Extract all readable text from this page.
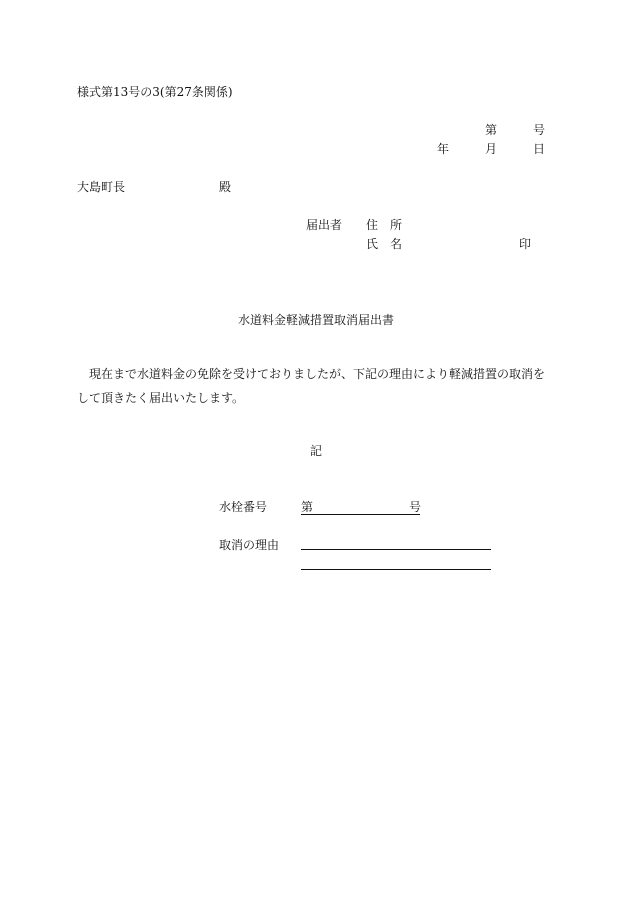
様式第13号の3(第27条関係)
第	号
年	月	日
大島町長	殿
届出者 住 所
氏 名	印
水道料金軽減措置取消届出書
現在まで水道料金の免除を受けておりましたが、下記の理由により軽減措置の取消をして頂きたく届出いたします。
記
水栓番号	第	号
取消の理由
